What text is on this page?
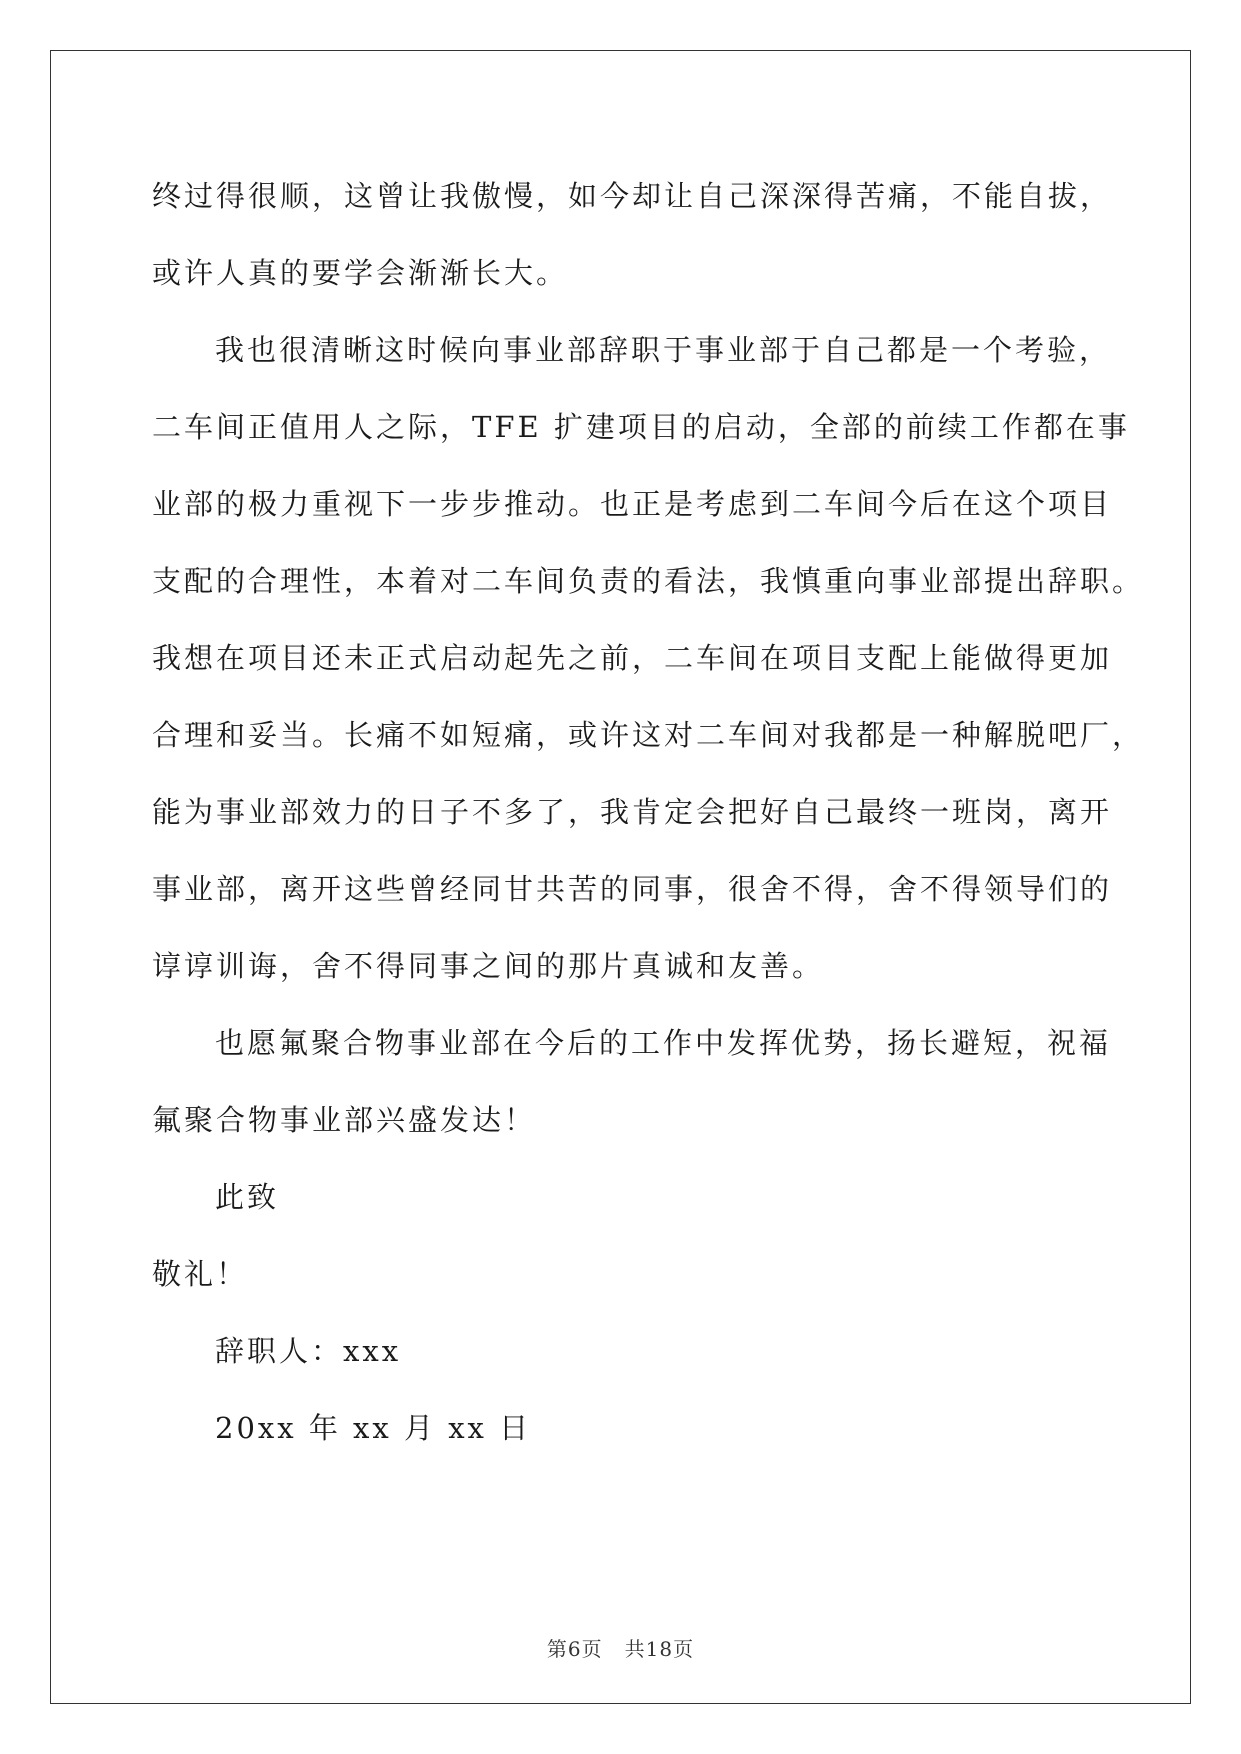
终过得很顺，这曾让我傲慢，如今却让自己深深得苦痛，不能自拔，
或许人真的要学会渐渐长大。
我也很清晰这时候向事业部辞职于事业部于自己都是一个考验，
二车间正值用人之际，TFE 扩建项目的启动，全部的前续工作都在事
业部的极力重视下一步步推动。也正是考虑到二车间今后在这个项目
支配的合理性，本着对二车间负责的看法，我慎重向事业部提出辞职。
我想在项目还未正式启动起先之前，二车间在项目支配上能做得更加
合理和妥当。长痛不如短痛，或许这对二车间对我都是一种解脱吧厂，
能为事业部效力的日子不多了，我肯定会把好自己最终一班岗，离开
事业部，离开这些曾经同甘共苦的同事，很舍不得，舍不得领导们的
谆谆训诲，舍不得同事之间的那片真诚和友善。
也愿氟聚合物事业部在今后的工作中发挥优势，扬长避短，祝福
氟聚合物事业部兴盛发达！
此致
敬礼！
辞职人：xxx
20xx 年 xx 月 xx 日
第6页 共18页
